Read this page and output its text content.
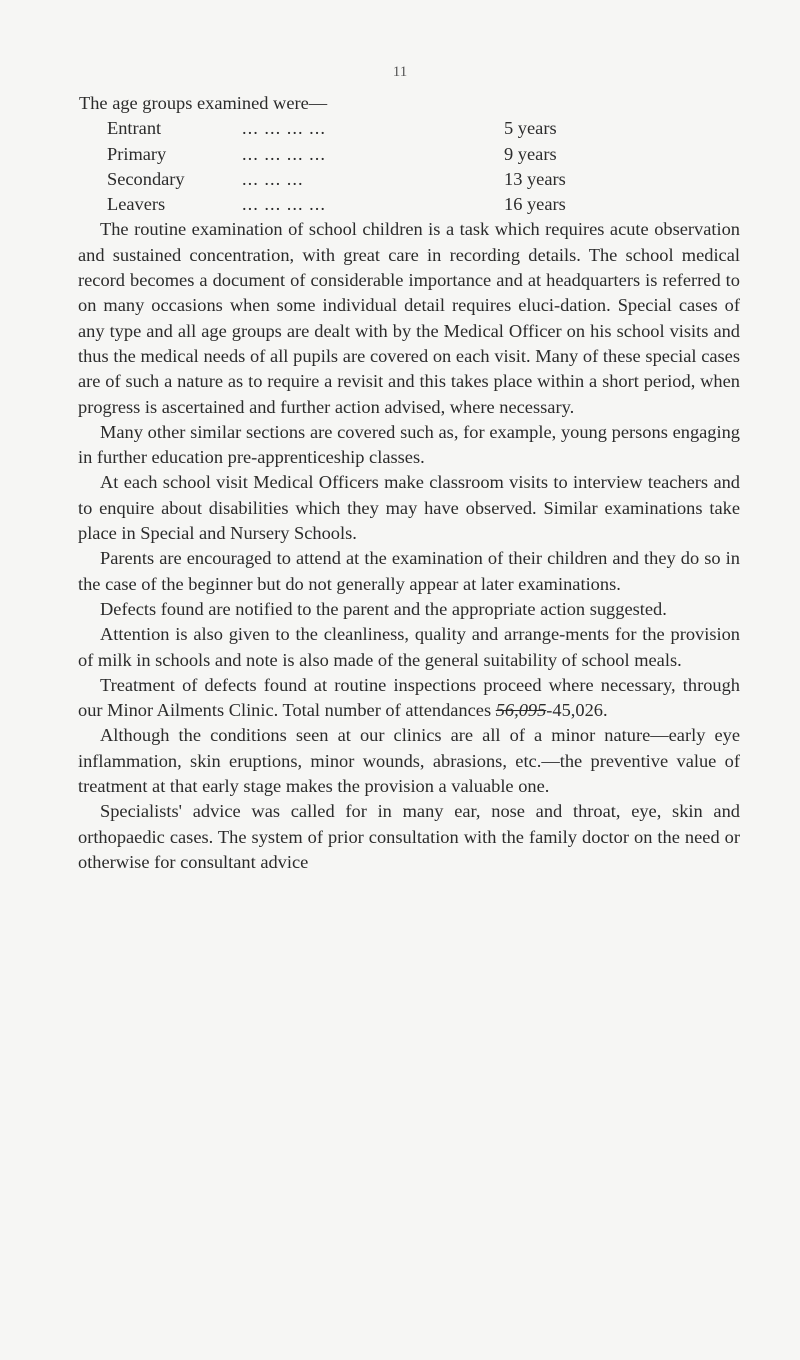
11

The age groups examined were—

Entrant	... ... ... ...	5 years
Primary	... ... ... ...	9 years
Secondary	... ... ...	13 years
Leavers	... ... ... ...	16 years

The routine examination of school children is a task which requires acute observation and sustained concentration, with great care in recording details. The school medical record becomes a document of considerable importance and at headquarters is referred to on many occasions when some individual detail requires eluci-dation. Special cases of any type and all age groups are dealt with by the Medical Officer on his school visits and thus the medical needs of all pupils are covered on each visit. Many of these special cases are of such a nature as to require a revisit and this takes place within a short period, when progress is ascertained and further action advised, where necessary.

Many other similar sections are covered such as, for example, young persons engaging in further education pre-apprenticeship classes.

At each school visit Medical Officers make classroom visits to interview teachers and to enquire about disabilities which they may have observed. Similar examinations take place in Special and Nursery Schools.

Parents are encouraged to attend at the examination of their children and they do so in the case of the beginner but do not generally appear at later examinations.

Defects found are notified to the parent and the appropriate action suggested.

Attention is also given to the cleanliness, quality and arrange-ments for the provision of milk in schools and note is also made of the general suitability of school meals.

Treatment of defects found at routine inspections proceed where necessary, through our Minor Ailments Clinic. Total number of attendances 56,095-45,026.

Although the conditions seen at our clinics are all of a minor nature—early eye inflammation, skin eruptions, minor wounds, abrasions, etc.—the preventive value of treatment at that early stage makes the provision a valuable one.

Specialists' advice was called for in many ear, nose and throat, eye, skin and orthopaedic cases. The system of prior consultation with the family doctor on the need or otherwise for consultant advice
